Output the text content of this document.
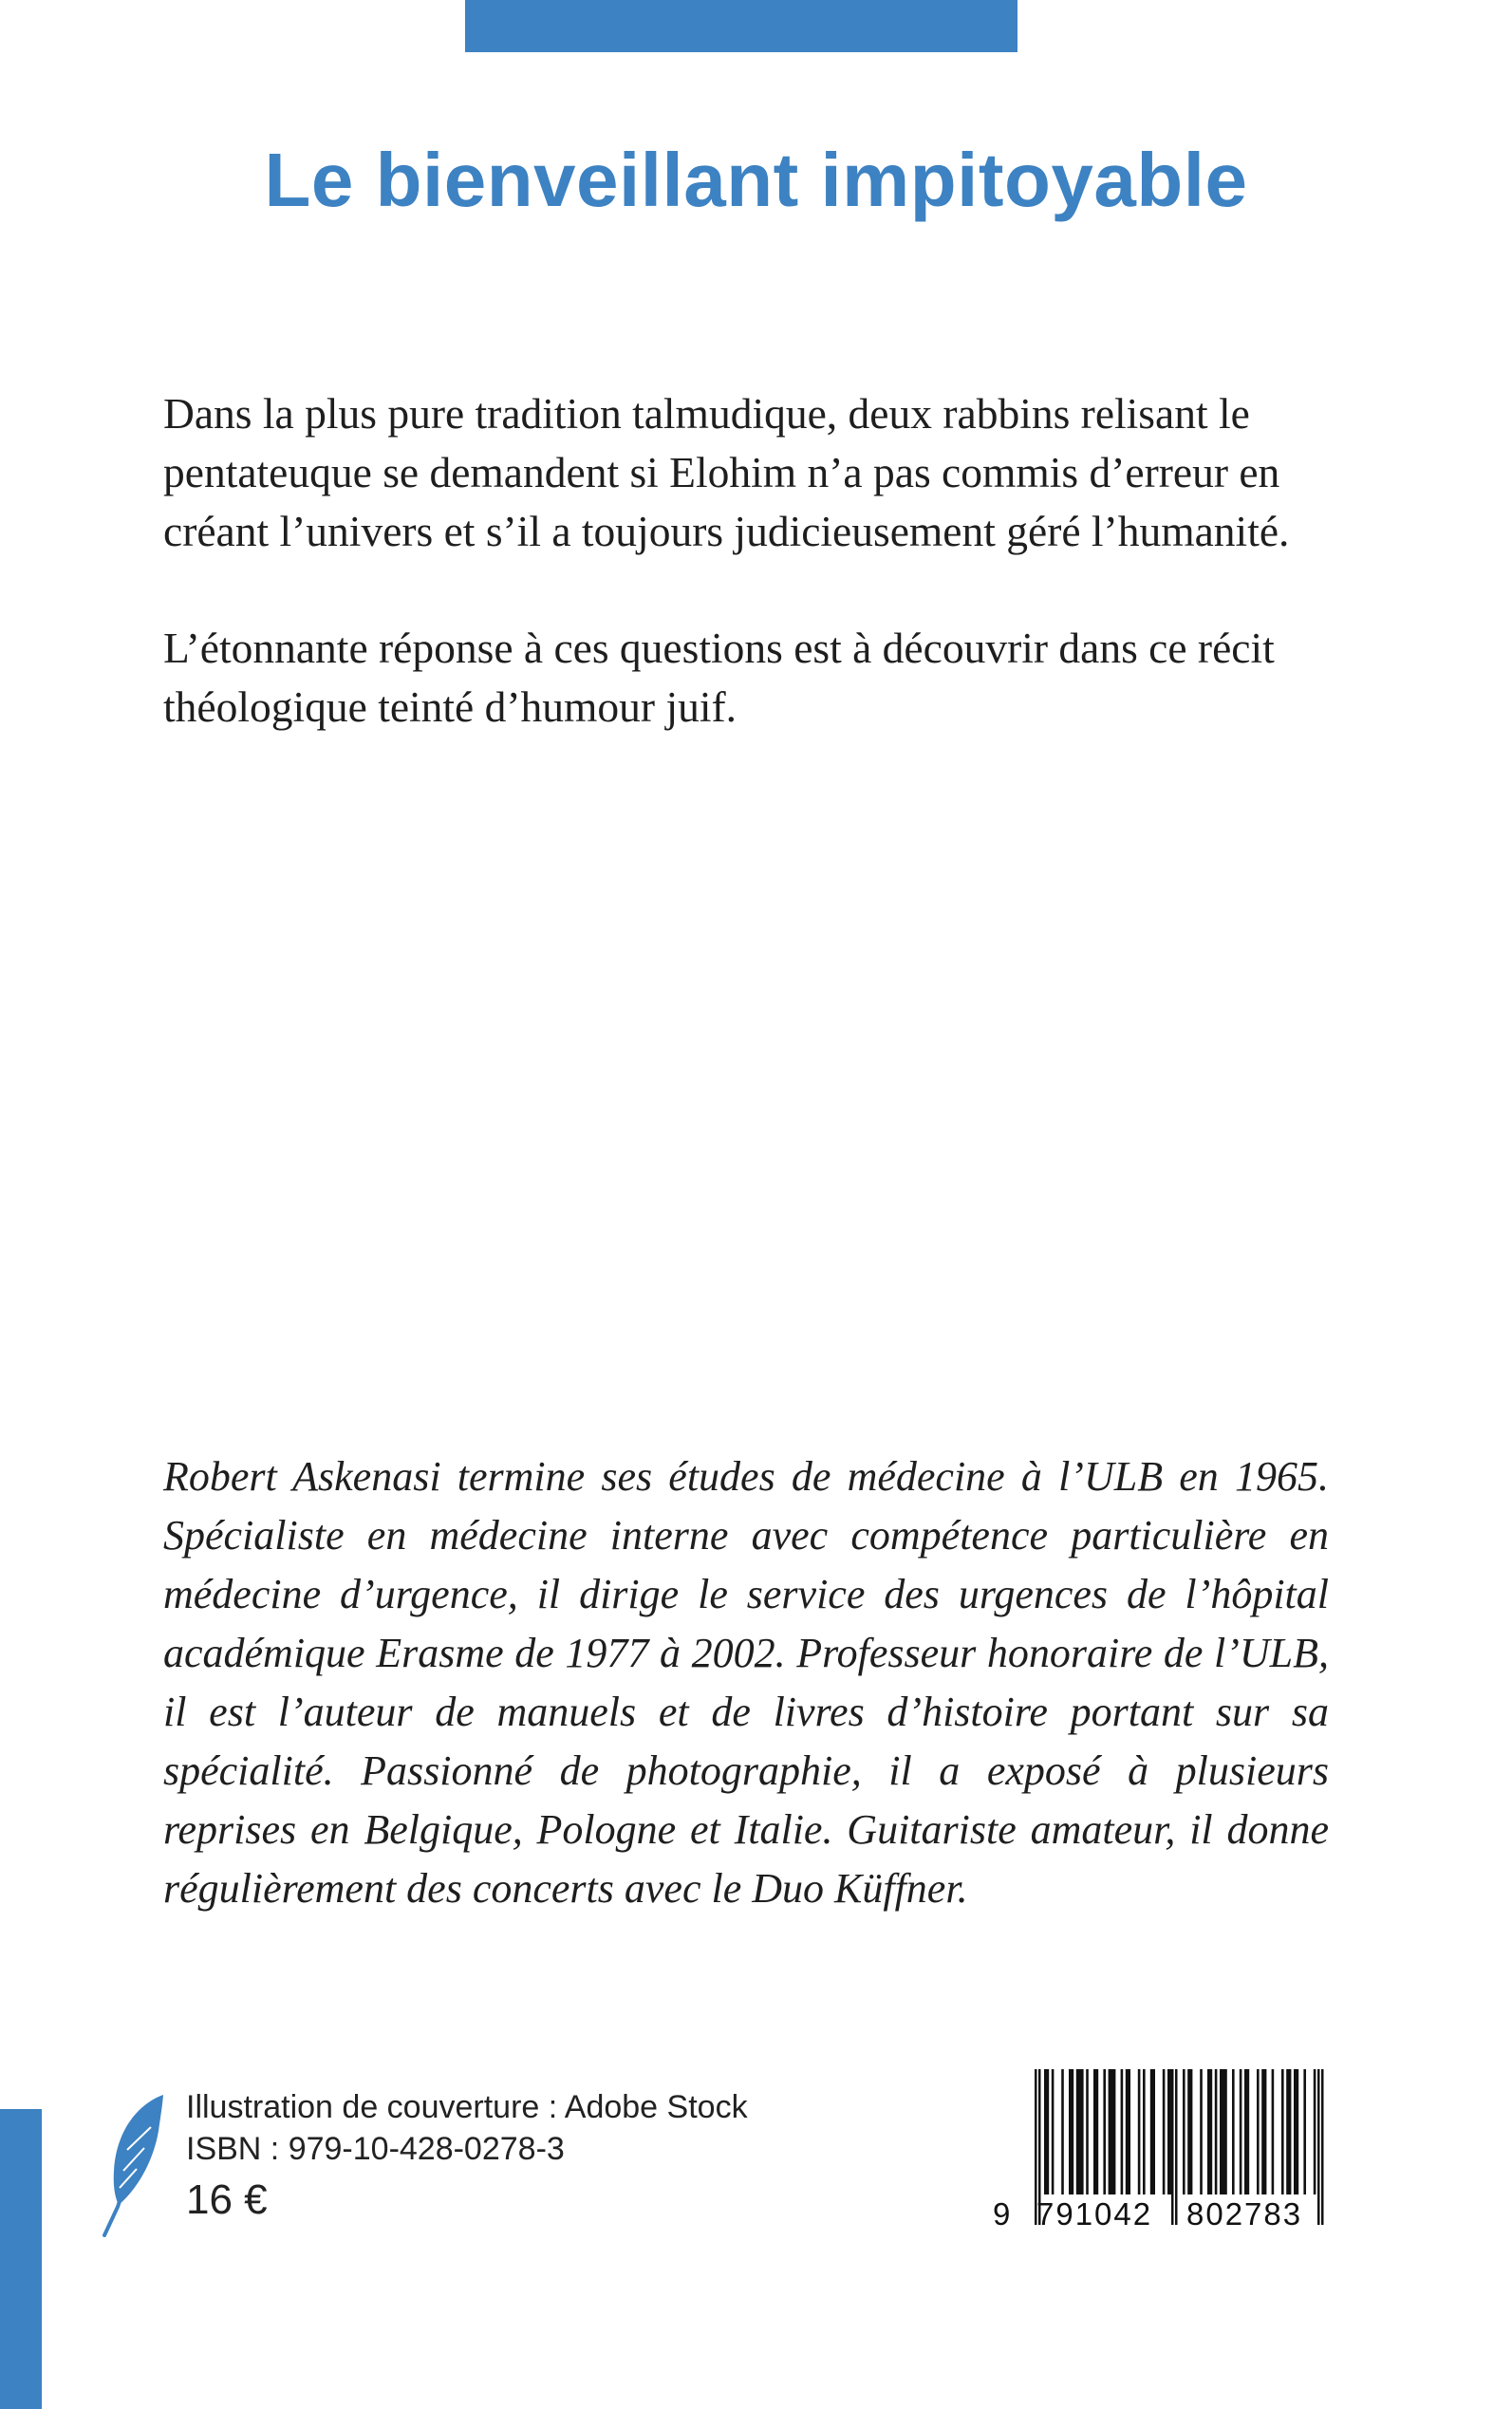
Le bienveillant impitoyable

Dans la plus pure tradition talmudique, deux rabbins relisant le pentateuque se demandent si Elohim n’a pas commis d’erreur en créant l’univers et s’il a toujours judicieusement géré l’humanité.

L’étonnante réponse à ces questions est à découvrir dans ce récit théologique teinté d’humour juif.

Robert Askenasi termine ses études de médecine à l’ULB en 1965. Spécialiste en médecine interne avec compétence particulière en médecine d’urgence, il dirige le service des urgences de l’hôpital académique Erasme de 1977 à 2002. Professeur honoraire de l’ULB, il est l’auteur de manuels et de livres d’histoire portant sur sa spécialité. Passionné de photographie, il a exposé à plusieurs reprises en Belgique, Pologne et Italie. Guitariste amateur, il donne régulièrement des concerts avec le Duo Küffner.

Illustration de couverture : Adobe Stock
ISBN : 979-10-428-0278-3
16 €	9 791042 802783
